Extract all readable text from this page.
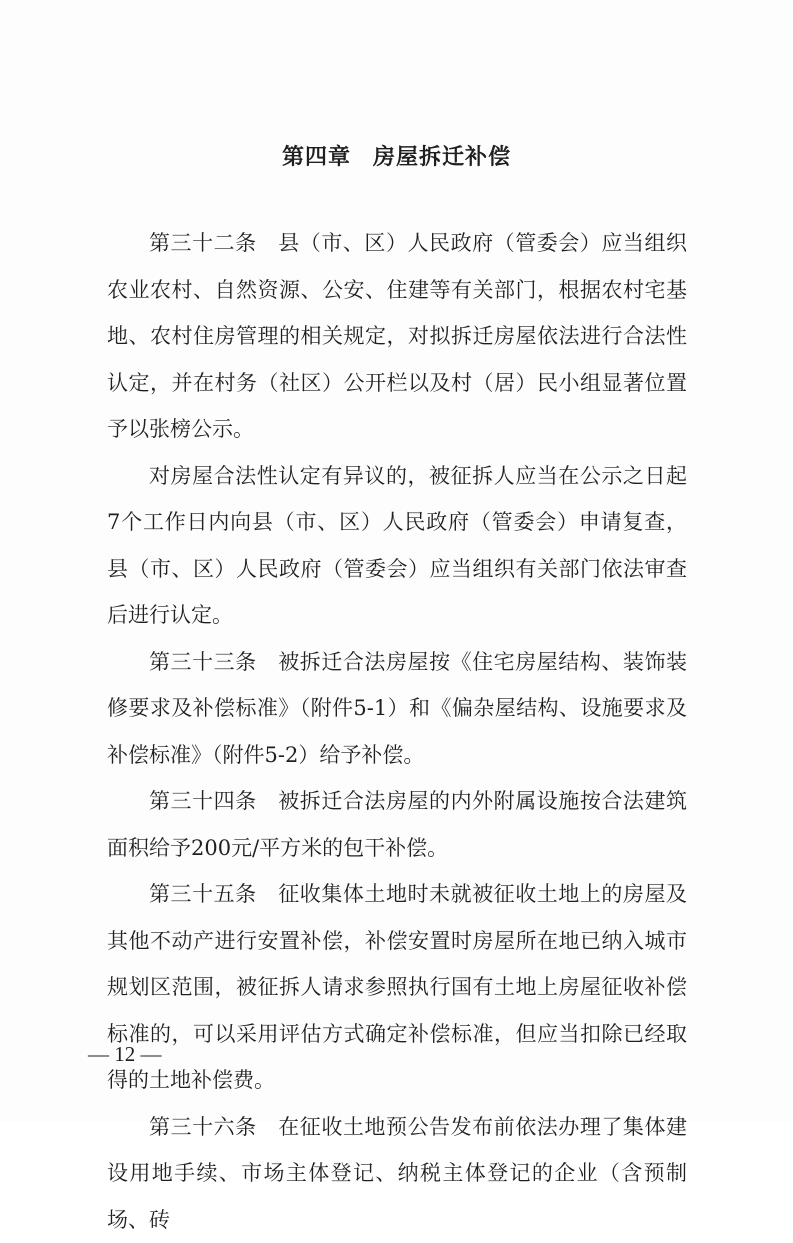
第四章 房屋拆迁补偿

第三十二条 县（市、区）人民政府（管委会）应当组织农业农村、自然资源、公安、住建等有关部门，根据农村宅基地、农村住房管理的相关规定，对拟拆迁房屋依法进行合法性认定，并在村务（社区）公开栏以及村（居）民小组显著位置予以张榜公示。

对房屋合法性认定有异议的，被征拆人应当在公示之日起7个工作日内向县（市、区）人民政府（管委会）申请复查，县（市、区）人民政府（管委会）应当组织有关部门依法审查后进行认定。

第三十三条 被拆迁合法房屋按《住宅房屋结构、装饰装修要求及补偿标准》（附件5-1）和《偏杂屋结构、设施要求及补偿标准》（附件5-2）给予补偿。

第三十四条 被拆迁合法房屋的内外附属设施按合法建筑面积给予200元/平方米的包干补偿。

第三十五条 征收集体土地时未就被征收土地上的房屋及其他不动产进行安置补偿，补偿安置时房屋所在地已纳入城市规划区范围，被征拆人请求参照执行国有土地上房屋征收补偿标准的，可以采用评估方式确定补偿标准，但应当扣除已经取得的土地补偿费。

第三十六条 在征收土地预公告发布前依法办理了集体建设用地手续、市场主体登记、纳税主体登记的企业（含预制场、砖

— 12 —
